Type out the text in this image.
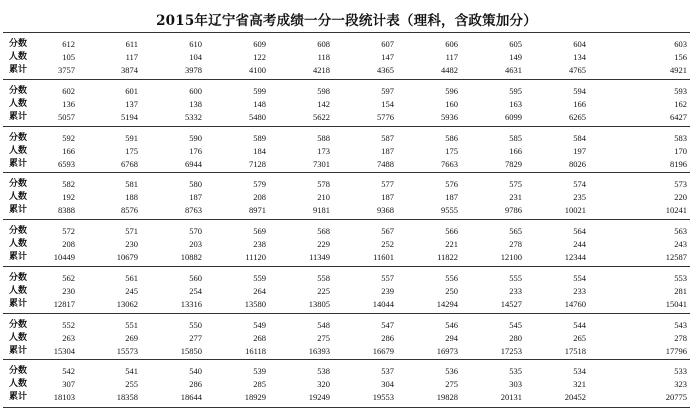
2015年辽宁省高考成绩一分一段统计表（理科，含政策加分）
分数	612	611	610	609	608	607	606	605	604	603
人数	105	117	104	122	118	147	117	149	134	156
累计	3757	3874	3978	4100	4218	4365	4482	4631	4765	4921
分数	602	601	600	599	598	597	596	595	594	593
人数	136	137	138	148	142	154	160	163	166	162
累计	5057	5194	5332	5480	5622	5776	5936	6099	6265	6427
分数	592	591	590	589	588	587	586	585	584	583
人数	166	175	176	184	173	187	175	166	197	170
累计	6593	6768	6944	7128	7301	7488	7663	7829	8026	8196
分数	582	581	580	579	578	577	576	575	574	573
人数	192	188	187	208	210	187	187	231	235	220
累计	8388	8576	8763	8971	9181	9368	9555	9786	10021	10241
分数	572	571	570	569	568	567	566	565	564	563
人数	208	230	203	238	229	252	221	278	244	243
累计	10449	10679	10882	11120	11349	11601	11822	12100	12344	12587
分数	562	561	560	559	558	557	556	555	554	553
人数	230	245	254	264	225	239	250	233	233	281
累计	12817	13062	13316	13580	13805	14044	14294	14527	14760	15041
分数	552	551	550	549	548	547	546	545	544	543
人数	263	269	277	268	275	286	294	280	265	278
累计	15304	15573	15850	16118	16393	16679	16973	17253	17518	17796
分数	542	541	540	539	538	537	536	535	534	533
人数	307	255	286	285	320	304	275	303	321	323
累计	18103	18358	18644	18929	19249	19553	19828	20131	20452	20775
